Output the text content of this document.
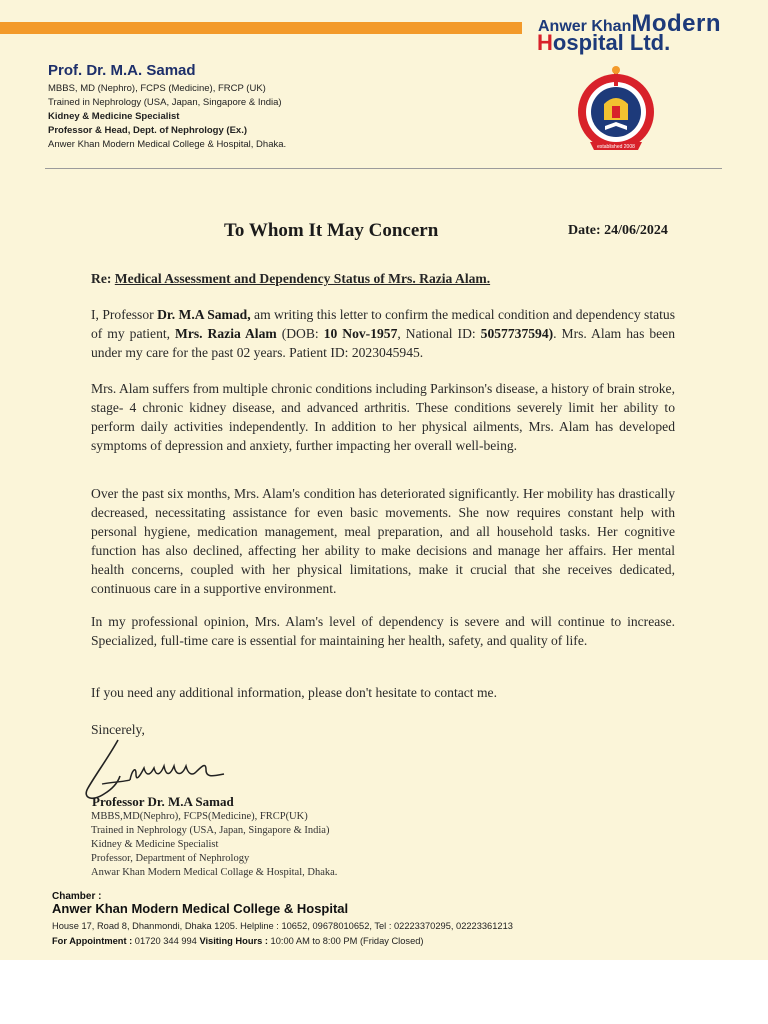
Anwer KhanModern
Hospital Ltd.
Prof. Dr. M.A. Samad
MBBS, MD (Nephro), FCPS (Medicine), FRCP (UK)
Trained in Nephrology (USA, Japan, Singapore & India)
Kidney & Medicine Specialist
Professor & Head, Dept. of Nephrology (Ex.)
Anwer Khan Modern Medical College & Hospital, Dhaka.	established 2008
To Whom It May Concern	Date: 24/06/2024
Re: Medical Assessment and Dependency Status of Mrs. Razia Alam.
I, Professor Dr. M.A Samad, am writing this letter to confirm the medical condition and dependency status of my patient, Mrs. Razia Alam (DOB: 10 Nov-1957, National ID: 5057737594). Mrs. Alam has been under my care for the past 02 years. Patient ID: 2023045945.
Mrs. Alam suffers from multiple chronic conditions including Parkinson's disease, a history of brain stroke, stage- 4 chronic kidney disease, and advanced arthritis. These conditions severely limit her ability to perform daily activities independently. In addition to her physical ailments, Mrs. Alam has developed symptoms of depression and anxiety, further impacting her overall well-being.
Over the past six months, Mrs. Alam's condition has deteriorated significantly. Her mobility has drastically decreased, necessitating assistance for even basic movements. She now requires constant help with personal hygiene, medication management, meal preparation, and all household tasks. Her cognitive function has also declined, affecting her ability to make decisions and manage her affairs. Her mental health concerns, coupled with her physical limitations, make it crucial that she receives dedicated, continuous care in a supportive environment.
In my professional opinion, Mrs. Alam's level of dependency is severe and will continue to increase. Specialized, full-time care is essential for maintaining her health, safety, and quality of life.
If you need any additional information, please don't hesitate to contact me.
Sincerely,
Professor Dr. M.A Samad
MBBS,MD(Nephro), FCPS(Medicine), FRCP(UK)
Trained in Nephrology (USA, Japan, Singapore & India)
Kidney & Medicine Specialist
Professor, Department of Nephrology
Anwar Khan Modern Medical Collage & Hospital, Dhaka.
Chamber :
Anwer Khan Modern Medical College & Hospital
House 17, Road 8, Dhanmondi, Dhaka 1205. Helpline : 10652, 09678010652, Tel : 02223370295, 02223361213
For Appointment : 01720 344 994 Visiting Hours : 10:00 AM to 8:00 PM (Friday Closed)
